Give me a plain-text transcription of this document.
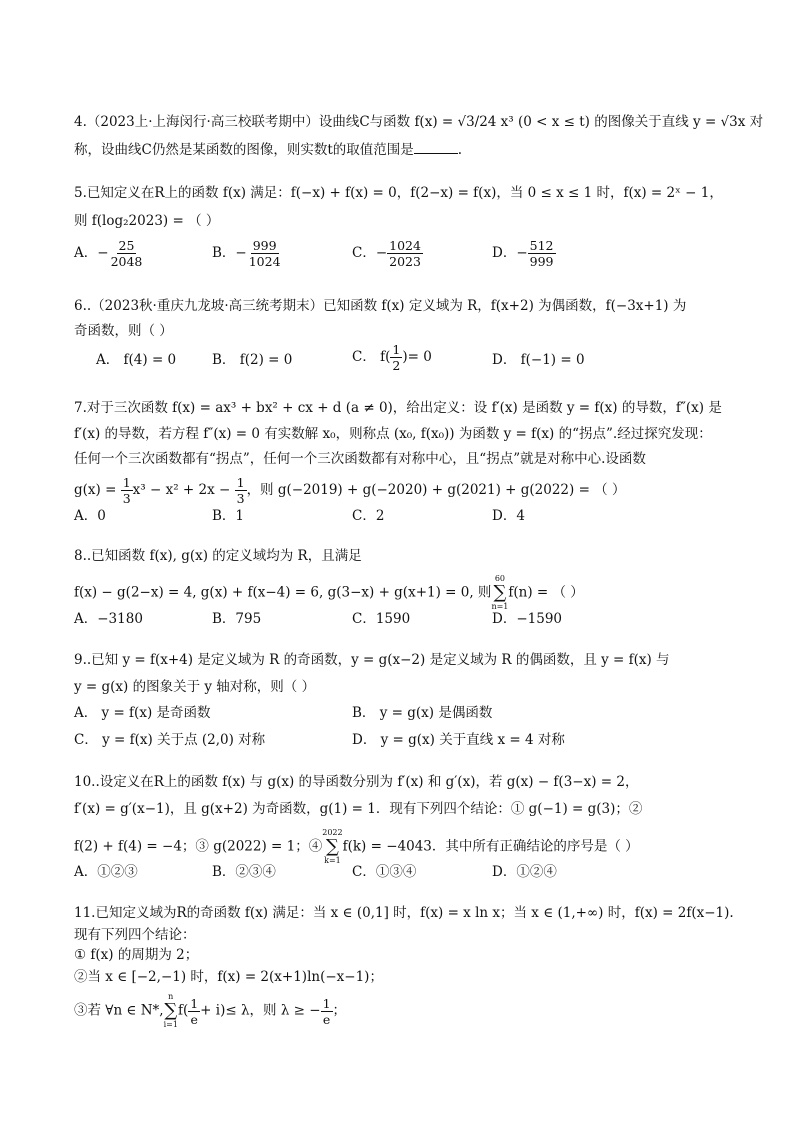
4.（2023上·上海闵行·高三校联考期中）设曲线C与函数 f(x) = √3/24 x³ (0 < x ≤ t) 的图像关于直线 y = √3x 对
称，设曲线C仍然是某函数的图像，则实数t的取值范围是	.
5.已知定义在R上的函数 f(x) 满足：f(−x) + f(x) = 0，f(2−x) = f(x)，当 0 ≤ x ≤ 1 时，f(x) = 2ˣ − 1，
则 f(log₂2023) = （ ）
A．− $\frac{25}{2048}$	B．− $\frac{999}{1024}$	C．− $\frac{1024}{2023}$	D．− $\frac{512}{999}$
6..（2023秋·重庆九龙坡·高三统考期末）已知函数 f(x) 定义域为 R，f(x+2) 为偶函数，f(−3x+1) 为
奇函数，则（ ）
A． f(4) = 0	B． f(2) = 0	C． $f( \frac{1}{2}$ )= 0	D． f(−1) = 0
7.对于三次函数 f(x) = ax³ + bx² + cx + d (a ≠ 0)，给出定义：设 f′(x) 是函数 y = f(x) 的导数，f″(x) 是
f′(x) 的导数，若方程 f″(x) = 0 有实数解 x₀，则称点 (x₀, f(x₀)) 为函数 y = f(x) 的“拐点”.经过探究发现：
任何一个三次函数都有“拐点”，任何一个三次函数都有对称中心，且“拐点”就是对称中心.设函数
$g(x) = \frac{1}{3} x^3 - x^2 + 2x - \frac{1}{3}$ ，则 g(−2019) + g(−2020) + g(2021) + g(2022) = （ ）
A．0	B．1	C．2	D．4
8..已知函数 f(x), g(x) 的定义域均为 R，且满足
f(x) − g(2−x) = 4, g(x) + f(x−4) = 6, g(3−x) + g(x+1) = 0, 则
60
∑
n=1
f(n) = （ ）
A．−3180	B．795	C．1590	D．−1590
9..已知 y = f(x+4) 是定义域为 R 的奇函数，y = g(x−2) 是定义域为 R 的偶函数，且 y = f(x) 与
y = g(x) 的图象关于 y 轴对称，则（ ）
A． y = f(x) 是奇函数	B． y = g(x) 是偶函数
C． y = f(x) 关于点 (2,0) 对称	D． y = g(x) 关于直线 x = 4 对称
10..设定义在R上的函数 f(x) 与 g(x) 的导函数分别为 f′(x) 和 g′(x)，若 g(x) − f(3−x) = 2，
f′(x) = g′(x−1)，且 g(x+2) 为奇函数，g(1) = 1．现有下列四个结论：① g(−1) = g(3)；②
f(2) + f(4) = −4；③ g(2022) = 1；④
2022
∑
k=1
f(k) = −4043．其中所有正确结论的序号是（ ）
A．①②③	B．②③④	C．①③④	D．①②④
11.已知定义域为R的奇函数 f(x) 满足：当 x ∈ (0,1] 时，f(x) = x ln x；当 x ∈ (1,+∞) 时，f(x) = 2f(x−1).
现有下列四个结论：
① f(x) 的周期为 2；
②当 x ∈ [−2,−1) 时，f(x) = 2(x+1)ln(−x−1)；
③若 ∀n ∈ N*,
n
∑
i=1
$f( \frac{1}{e} + i)\le \lambda$，则 λ ≥ − $\frac{1}{e}$ ；
